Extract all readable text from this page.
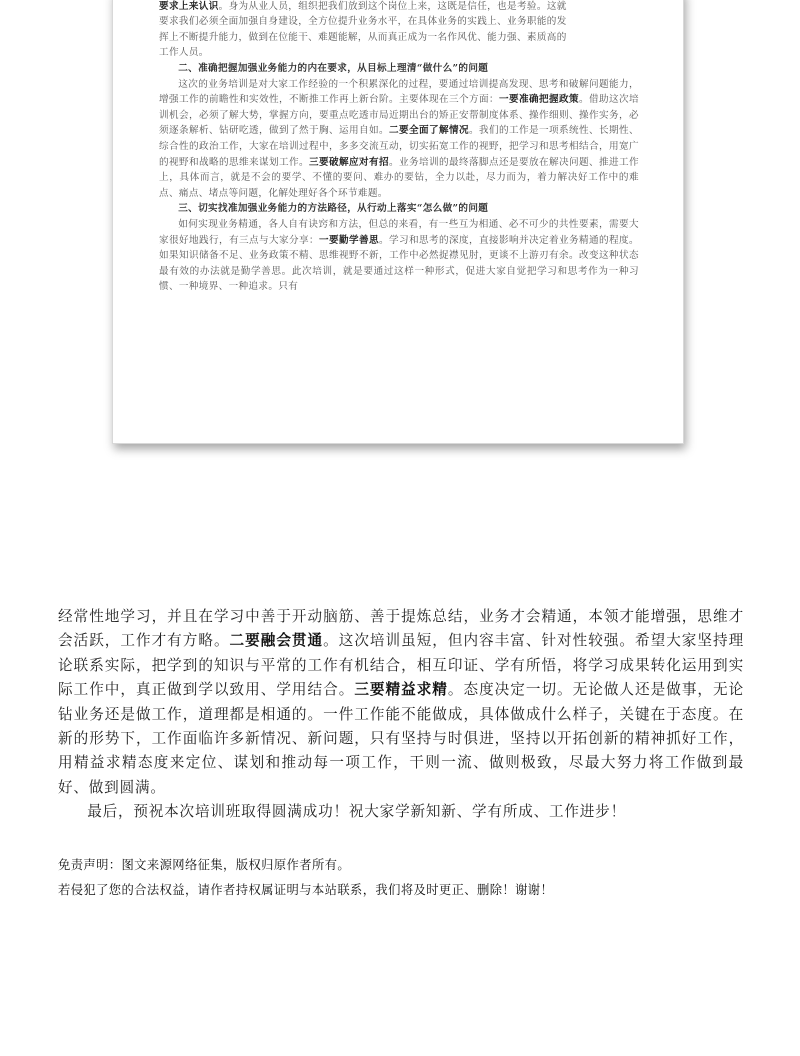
要求上来认识。身为从业人员，组织把我们放到这个岗位上来，这既是信任，也是考验。这就
要求我们必须全面加强自身建设，全方位提升业务水平，在具体业务的实践上、业务职能的发
挥上不断提升能力，做到在位能干、难题能解，从而真正成为一名作风优、能力强、素质高的
工作人员。

二、准确把握加强业务能力的内在要求，从目标上理清“做什么”的问题

这次的业务培训是对大家工作经验的一个积累深化的过程，要通过培训提高发现、思考和破解问题能力，增强工作的前瞻性和实效性，不断推工作再上新台阶。主要体现在三个方面：一要准确把握政策。借助这次培训机会，必须了解大势，掌握方向，要重点吃透市局近期出台的矫正安帮制度体系、操作细则、操作实务，必须逐条解析、钻研吃透，做到了然于胸、运用自如。二要全面了解情况。我们的工作是一项系统性、长期性、综合性的政治工作，大家在培训过程中，多多交流互动，切实拓宽工作的视野，把学习和思考相结合，用宽广的视野和战略的思维来谋划工作。三要破解应对有招。业务培训的最终落脚点还是要放在解决问题、推进工作上，具体而言，就是不会的要学、不懂的要问、难办的要钻，全力以赴，尽力而为，着力解决好工作中的难点、痛点、堵点等问题，化解处理好各个环节难题。

三、切实找准加强业务能力的方法路径，从行动上落实“怎么做”的问题

如何实现业务精通，各人自有诀窍和方法，但总的来看，有一些互为相通、必不可少的共性要素，需要大家很好地践行，有三点与大家分享：一要勤学善思。学习和思考的深度，直接影响并决定着业务精通的程度。如果知识储备不足、业务政策不精、思维视野不新，工作中必然捉襟见肘，更谈不上游刃有余。改变这种状态最有效的办法就是勤学善思。此次培训，就是要通过这样一种形式，促进大家自觉把学习和思考作为一种习惯、一种境界、一种追求。只有

经常性地学习，并且在学习中善于开动脑筋、善于提炼总结，业务才会精通，本领才能增强，思维才会活跃，工作才有方略。二要融会贯通。这次培训虽短，但内容丰富、针对性较强。希望大家坚持理论联系实际，把学到的知识与平常的工作有机结合，相互印证、学有所悟，将学习成果转化运用到实际工作中，真正做到学以致用、学用结合。三要精益求精。态度决定一切。无论做人还是做事，无论钻业务还是做工作，道理都是相通的。一件工作能不能做成，具体做成什么样子，关键在于态度。在新的形势下，工作面临许多新情况、新问题，只有坚持与时俱进，坚持以开拓创新的精神抓好工作，用精益求精态度来定位、谋划和推动每一项工作，干则一流、做则极致，尽最大努力将工作做到最好、做到圆满。

最后，预祝本次培训班取得圆满成功！祝大家学新知新、学有所成、工作进步！

免责声明：图文来源网络征集，版权归原作者所有。

若侵犯了您的合法权益，请作者持权属证明与本站联系，我们将及时更正、删除！谢谢！
